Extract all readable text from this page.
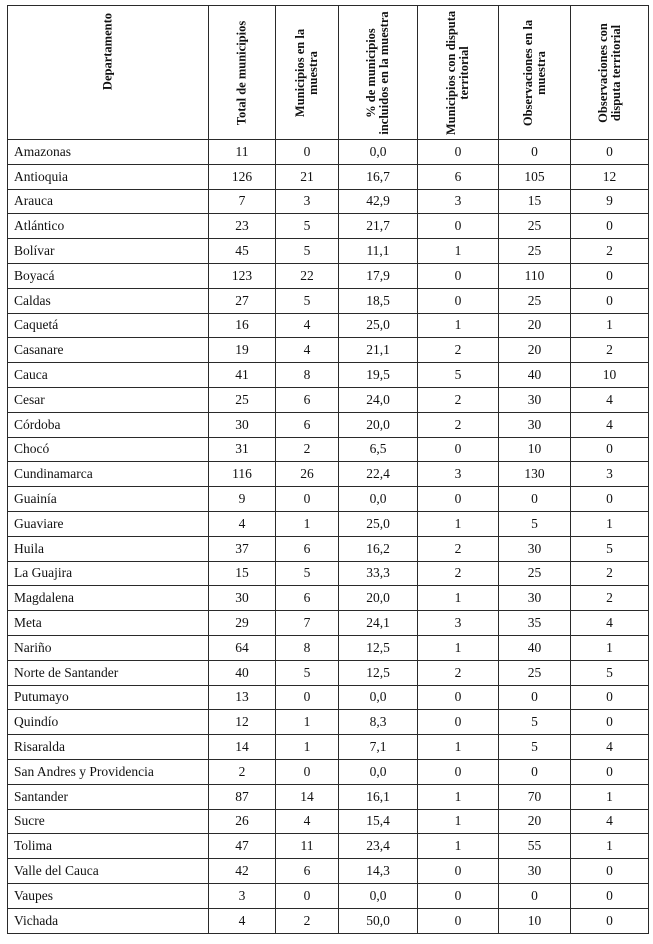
Departamento	Total de municipios	Municipios en la muestra	% de municipios incluidos en la muestra	Municipios con disputa territorial	Observaciones en la muestra	Observaciones con disputa territorial

Amazonas	11	0	0,0	0	0	0
Antioquia	126	21	16,7	6	105	12
Arauca	7	3	42,9	3	15	9
Atlántico	23	5	21,7	0	25	0
Bolívar	45	5	11,1	1	25	2
Boyacá	123	22	17,9	0	110	0
Caldas	27	5	18,5	0	25	0
Caquetá	16	4	25,0	1	20	1
Casanare	19	4	21,1	2	20	2
Cauca	41	8	19,5	5	40	10
Cesar	25	6	24,0	2	30	4
Córdoba	30	6	20,0	2	30	4
Chocó	31	2	6,5	0	10	0
Cundinamarca	116	26	22,4	3	130	3
Guainía	9	0	0,0	0	0	0
Guaviare	4	1	25,0	1	5	1
Huila	37	6	16,2	2	30	5
La Guajira	15	5	33,3	2	25	2
Magdalena	30	6	20,0	1	30	2
Meta	29	7	24,1	3	35	4
Nariño	64	8	12,5	1	40	1
Norte de Santander	40	5	12,5	2	25	5
Putumayo	13	0	0,0	0	0	0
Quindío	12	1	8,3	0	5	0
Risaralda	14	1	7,1	1	5	4
San Andres y Providencia	2	0	0,0	0	0	0
Santander	87	14	16,1	1	70	1
Sucre	26	4	15,4	1	20	4
Tolima	47	11	23,4	1	55	1
Valle del Cauca	42	6	14,3	0	30	0
Vaupes	3	0	0,0	0	0	0
Vichada	4	2	50,0	0	10	0
